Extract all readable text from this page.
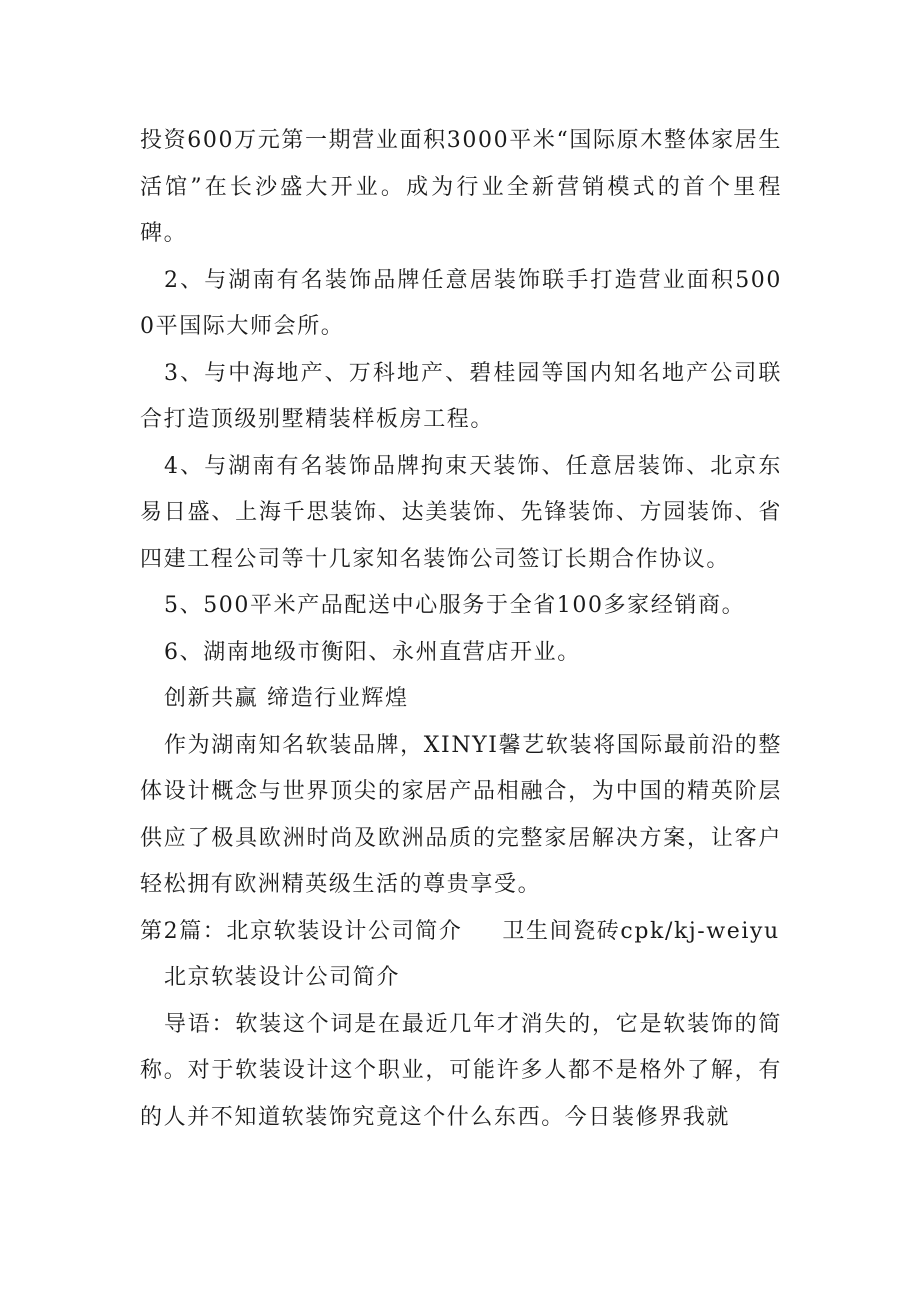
投资600万元第一期营业面积3000平米“国际原木整体家居生活馆”在长沙盛大开业。成为行业全新营销模式的首个里程碑。

2、与湖南有名装饰品牌任意居装饰联手打造营业面积5000平国际大师会所。

3、与中海地产、万科地产、碧桂园等国内知名地产公司联合打造顶级别墅精装样板房工程。

4、与湖南有名装饰品牌拘束天装饰、任意居装饰、北京东易日盛、上海千思装饰、达美装饰、先锋装饰、方园装饰、省四建工程公司等十几家知名装饰公司签订长期合作协议。

5、500平米产品配送中心服务于全省100多家经销商。

6、湖南地级市衡阳、永州直营店开业。

创新共赢 缔造行业辉煌

作为湖南知名软装品牌，XINYI馨艺软装将国际最前沿的整体设计概念与世界顶尖的家居产品相融合，为中国的精英阶层供应了极具欧洲时尚及欧洲品质的完整家居解决方案，让客户轻松拥有欧洲精英级生活的尊贵享受。

第2篇：北京软装设计公司简介 卫生间瓷砖cpk/kj-weiyu

北京软装设计公司简介

导语：软装这个词是在最近几年才消失的，它是软装饰的简称。对于软装设计这个职业，可能许多人都不是格外了解，有的人并不知道软装饰究竟这个什么东西。今日装修界我就
